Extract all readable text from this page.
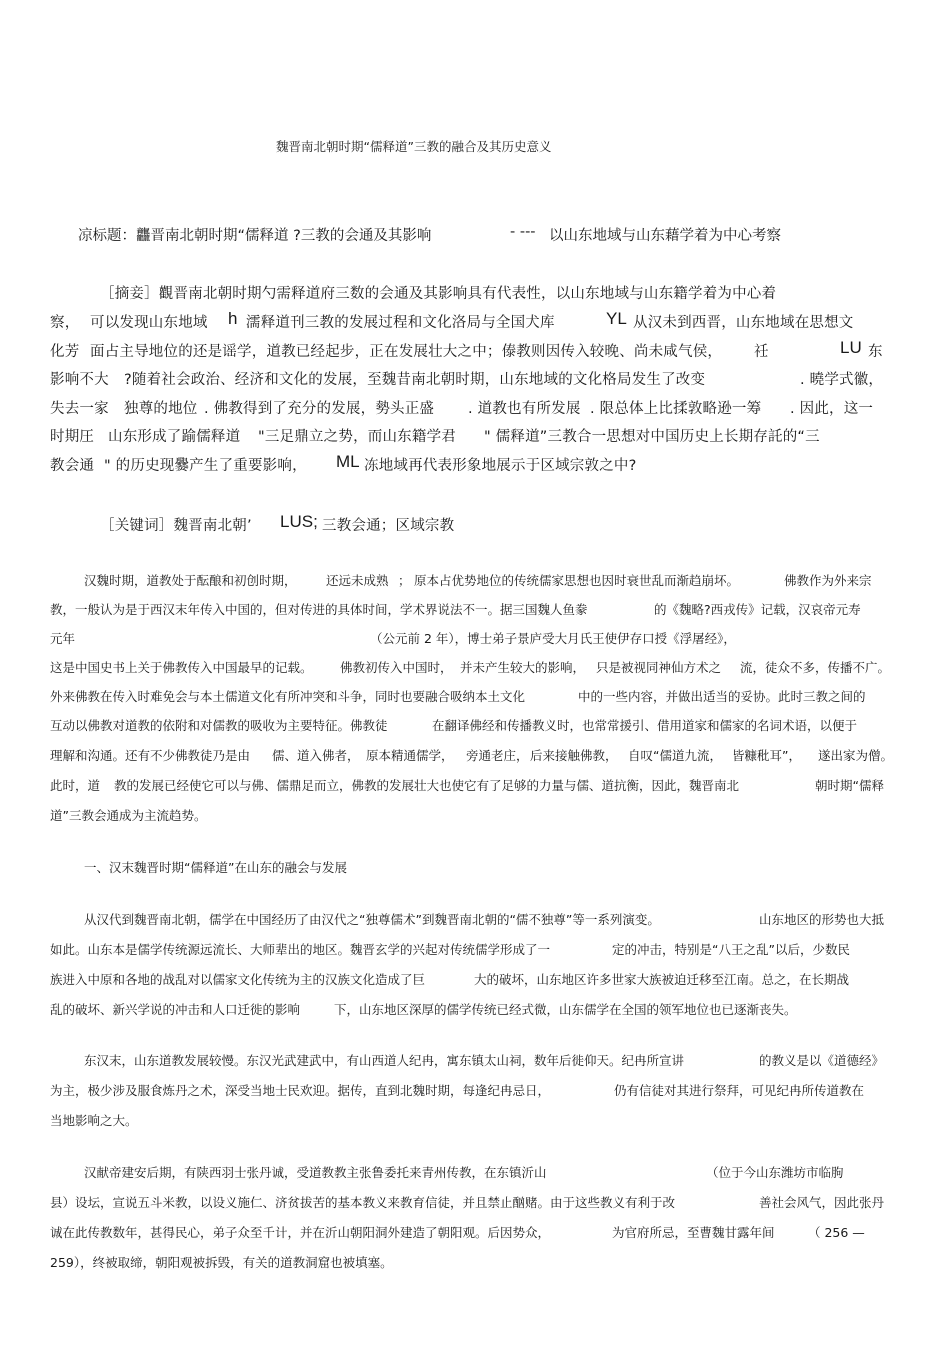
魏晋南北朝时期“儒释道”三教的融合及其历史意义
凉标题：龘晋南北朝时期“儒释道 ?三教的会通及其影响	- --- 以山东地域与山东藉学着为中心考察
［摘妾］觀晋南北朝时期勺需释道府三数的会通及其影响具有代表性，以山东地域与山东籍学着为中心着
察， 可以发现山东地域 h 濡释道刊三教的发展过程和文化洛局与全国犬库	YL 从汉未到西晋，山东地域在思想文
化芳 面占主导地位的还是谣学，道教已经起步，正在发展壮大之中；傣教则因传入较晚、尚未咸气侯， 祍	LU 东
影响不大 ?随着社会政治、经济和文化的发展，至魏昔南北朝时期，山东地域的文化格局发生了改变	. 曉学式徽，
失去一家 独尊的地位 . 佛教得到了充分的发展，勢头正盛 . 道教也有所发展 . 限总体上比揉敦略逊一筹 . 因此，这一
时期圧 山东形成了踰儒释道 "三足鼎立之势，而山东籍学君 " 儒释道”三教合一思想对中国历史上长期存託的“三
教会通 " 的历史现爨产生了重要影响， ML 冻地域再代表形象地展示于区域宗敦之中?
［关键词］魏晋南北朝’ LUS; 三教会通；区域宗教
汉魏时期，道教处于酝酿和初创时期， 还远未成熟 ； 原本占优势地位的传统儒家思想也因时衰世乱而渐趋崩坏。	佛教作为外来宗
教，一般认为是于西汉末年传入中国的，但对传进的具体时间，学术界说法不一。据三国魏人鱼豢	的《魏略?西戎传》记载，汉哀帝元寿
元年	（公元前 2 年），博士弟子景庐受大月氏王使伊存口授《浮屠经》，
这是中国史书上关于佛教传入中国最早的记载。 佛教初传入中国时， 并未产生较大的影响， 只是被视同神仙方术之 流，徒众不多，传播不广。
外来佛教在传入时难免会与本土儒道文化有所冲突和斗争，同时也要融合吸纳本土文化	中的一些内容，并做出适当的妥协。此时三教之间的
互动以佛教对道教的依附和对儒教的吸收为主要特征。佛教徒	在翻译佛经和传播教义时，也常常援引、借用道家和儒家的名词术语，以便于
理解和沟通。还有不少佛教徒乃是由 儒、道入佛者， 原本精通儒学， 旁通老庄， 后来接触佛教， 自叹“儒道九流， 皆糠秕耳”， 遂出家为僧。
此时，道 教的发展已经使它可以与佛、儒鼎足而立，佛教的发展壮大也使它有了足够的力量与儒、道抗衡，因此，魏晋南北	朝时期“儒释
道”三教会通成为主流趋势。
一、汉末魏晋时期“儒释道”在山东的融会与发展
从汉代到魏晋南北朝，儒学在中国经历了由汉代之“独尊儒术”到魏晋南北朝的“儒不独尊”等一系列演变。	山东地区的形势也大抵
如此。山东本是儒学传统源远流长、大师辈出的地区。魏晋玄学的兴起对传统儒学形成了一	定的冲击，特别是“八王之乱”以后，少数民
族进入中原和各地的战乱对以儒家文化传统为主的汉族文化造成了巨	大的破坏，山东地区许多世家大族被迫迁移至江南。总之，在长期战
乱的破坏、新兴学说的冲击和人口迁徙的影响	下，山东地区深厚的儒学传统已经式微，山东儒学在全国的领军地位也已逐渐丧失。
东汉末，山东道教发展较慢。东汉光武建武中，有山西道人纪冉，寓东镇太山祠，数年后徙仰天。纪冉所宣讲	的教义是以《道德经》
为主，极少涉及服食炼丹之术，深受当地士民欢迎。据传，直到北魏时期，每逢纪冉忌日，	仍有信徒对其进行祭拜，可见纪冉所传道教在
当地影响之大。
汉献帝建安后期，有陕西羽士张丹诚，受道教教主张鲁委托来青州传教，在东镇沂山	（位于今山东潍坊市临朐
县）设坛，宣说五斗米教，以设义施仁、济贫拔苦的基本教义来教育信徒，并且禁止酗赌。由于这些教义有利于改	善社会风气，因此张丹
诚在此传教数年，甚得民心，弟子众至千计，并在沂山朝阳洞外建造了朝阳观。后因势众，	为官府所忌，至曹魏甘露年间	（ 256 —
259），终被取缔，朝阳观被拆毁，有关的道教洞窟也被填塞。
